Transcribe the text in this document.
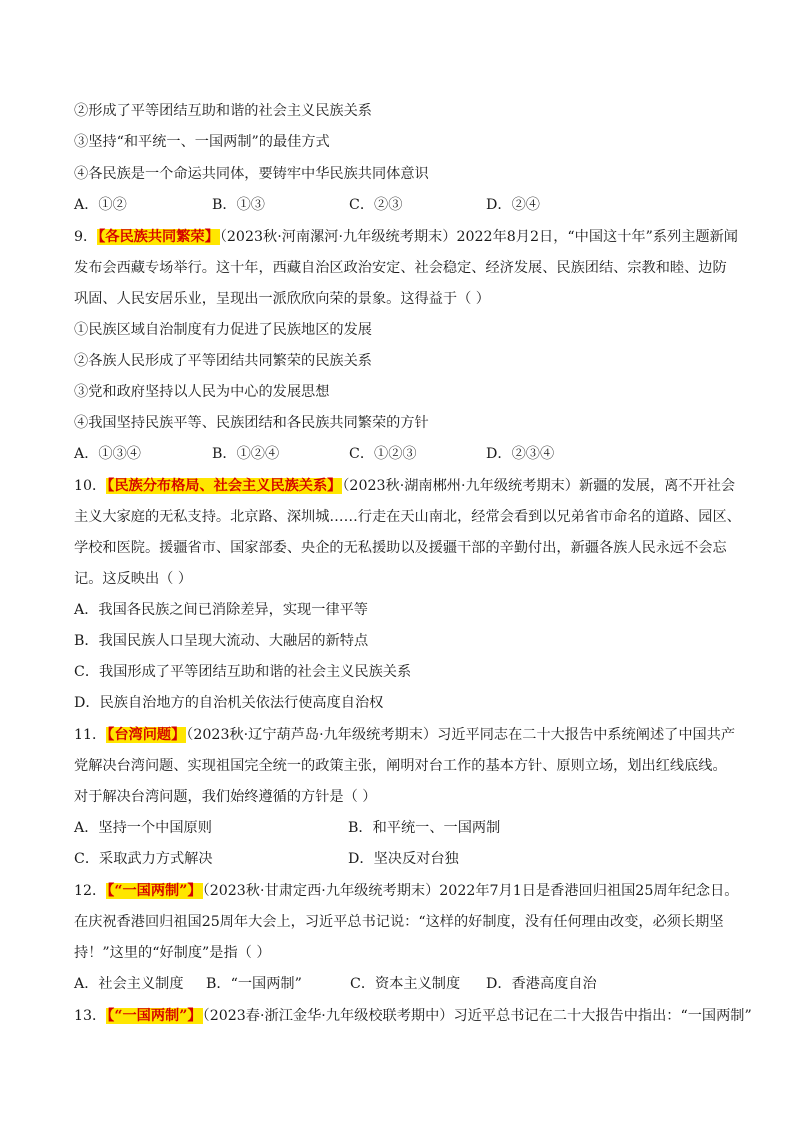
②形成了平等团结互助和谐的社会主义民族关系
③坚持“和平统一、一国两制”的最佳方式
④各民族是一个命运共同体，要铸牢中华民族共同体意识
A．①②	B．①③	C．②③	D．②④
9．【各民族共同繁荣】（2023秋·河南漯河·九年级统考期末）2022年8月2日，“中国这十年”系列主题新闻
发布会西藏专场举行。这十年，西藏自治区政治安定、社会稳定、经济发展、民族团结、宗教和睦、边防
巩固、人民安居乐业，呈现出一派欣欣向荣的景象。这得益于（ ）
①民族区域自治制度有力促进了民族地区的发展
②各族人民形成了平等团结共同繁荣的民族关系
③党和政府坚持以人民为中心的发展思想
④我国坚持民族平等、民族团结和各民族共同繁荣的方针
A．①③④	B．①②④	C．①②③	D．②③④
10．【民族分布格局、社会主义民族关系】（2023秋·湖南郴州·九年级统考期末）新疆的发展，离不开社会
主义大家庭的无私支持。北京路、深圳城……行走在天山南北，经常会看到以兄弟省市命名的道路、园区、
学校和医院。援疆省市、国家部委、央企的无私援助以及援疆干部的辛勤付出，新疆各族人民永远不会忘
记。这反映出（ ）
A．我国各民族之间已消除差异，实现一律平等
B．我国民族人口呈现大流动、大融居的新特点
C．我国形成了平等团结互助和谐的社会主义民族关系
D．民族自治地方的自治机关依法行使高度自治权
11．【台湾问题】（2023秋·辽宁葫芦岛·九年级统考期末）习近平同志在二十大报告中系统阐述了中国共产
党解决台湾问题、实现祖国完全统一的政策主张，阐明对台工作的基本方针、原则立场，划出红线底线。
对于解决台湾问题，我们始终遵循的方针是（ ）
A．坚持一个中国原则	B．和平统一、一国两制
C．采取武力方式解决	D．坚决反对台独
12．【“一国两制”】（2023秋·甘肃定西·九年级统考期末）2022年7月1日是香港回归祖国25周年纪念日。
在庆祝香港回归祖国25周年大会上，习近平总书记说：“这样的好制度，没有任何理由改变，必须长期坚
持！”这里的“好制度”是指（ ）
A．社会主义制度 B．“一国两制”	C．资本主义制度 D．香港高度自治
13．【“一国两制”】（2023春·浙江金华·九年级校联考期中）习近平总书记在二十大报告中指出：“一国两制”
